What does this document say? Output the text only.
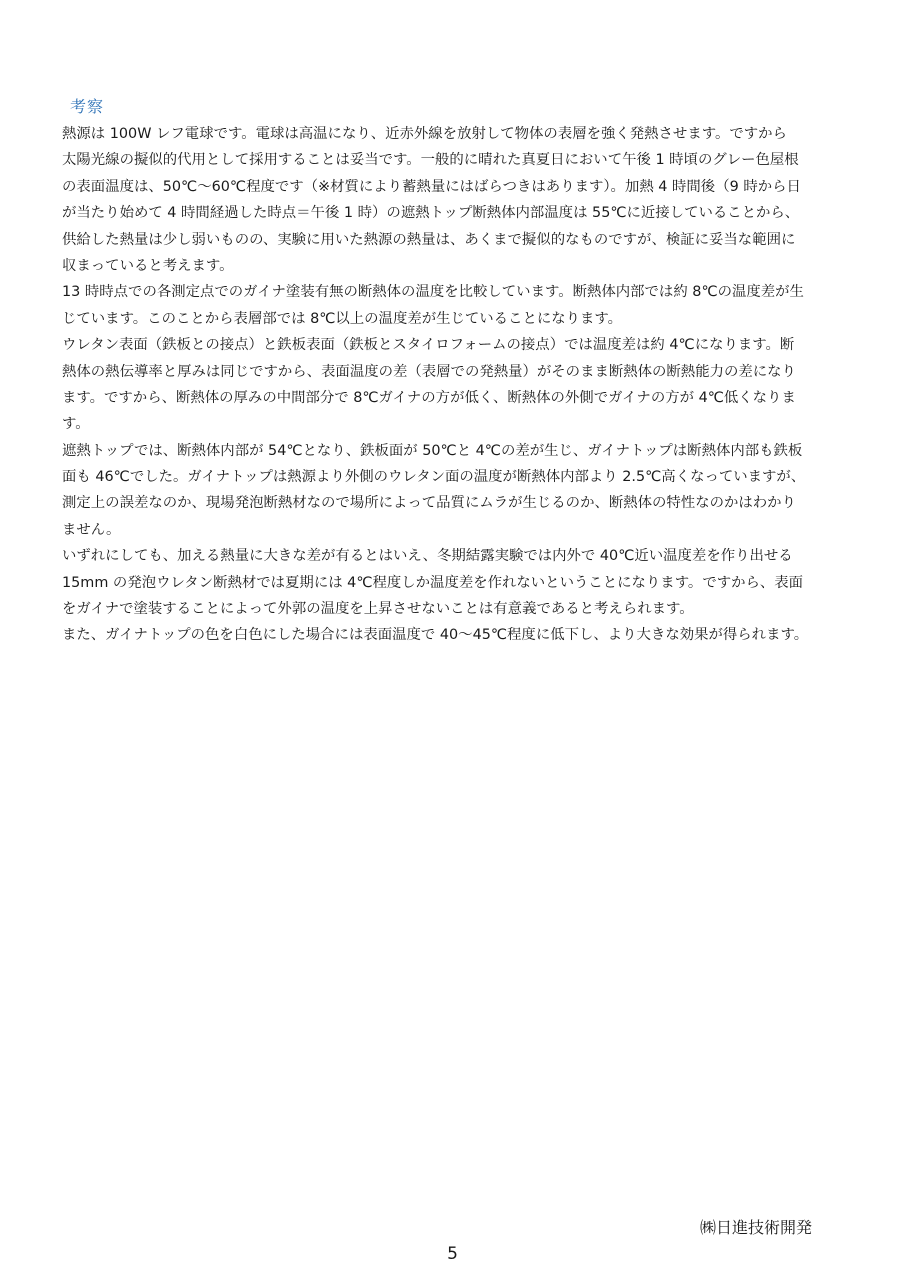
考察
熱源は 100W レフ電球です。電球は高温になり、近赤外線を放射して物体の表層を強く発熱させます。ですから
太陽光線の擬似的代用として採用することは妥当です。一般的に晴れた真夏日において午後 1 時頃のグレー色屋根
の表面温度は、50℃～60℃程度です（※材質により蓄熱量にはばらつきはあります）。加熱 4 時間後（9 時から日
が当たり始めて 4 時間経過した時点＝午後 1 時）の遮熱トップ断熱体内部温度は 55℃に近接していることから、
供給した熱量は少し弱いものの、実験に用いた熱源の熱量は、あくまで擬似的なものですが、検証に妥当な範囲に
収まっていると考えます。
13 時時点での各測定点でのガイナ塗装有無の断熱体の温度を比較しています。断熱体内部では約 8℃の温度差が生
じています。このことから表層部では 8℃以上の温度差が生じていることになります。
ウレタン表面（鉄板との接点）と鉄板表面（鉄板とスタイロフォームの接点）では温度差は約 4℃になります。断
熱体の熱伝導率と厚みは同じですから、表面温度の差（表層での発熱量）がそのまま断熱体の断熱能力の差になり
ます。ですから、断熱体の厚みの中間部分で 8℃ガイナの方が低く、断熱体の外側でガイナの方が 4℃低くなりま
す。
遮熱トップでは、断熱体内部が 54℃となり、鉄板面が 50℃と 4℃の差が生じ、ガイナトップは断熱体内部も鉄板
面も 46℃でした。ガイナトップは熱源より外側のウレタン面の温度が断熱体内部より 2.5℃高くなっていますが、
測定上の誤差なのか、現場発泡断熱材なので場所によって品質にムラが生じるのか、断熱体の特性なのかはわかり
ません。
いずれにしても、加える熱量に大きな差が有るとはいえ、冬期結露実験では内外で 40℃近い温度差を作り出せる
15mm の発泡ウレタン断熱材では夏期には 4℃程度しか温度差を作れないということになります。ですから、表面
をガイナで塗装することによって外郭の温度を上昇させないことは有意義であると考えられます。
また、ガイナトップの色を白色にした場合には表面温度で 40～45℃程度に低下し、より大きな効果が得られます。
㈱日進技術開発
5
